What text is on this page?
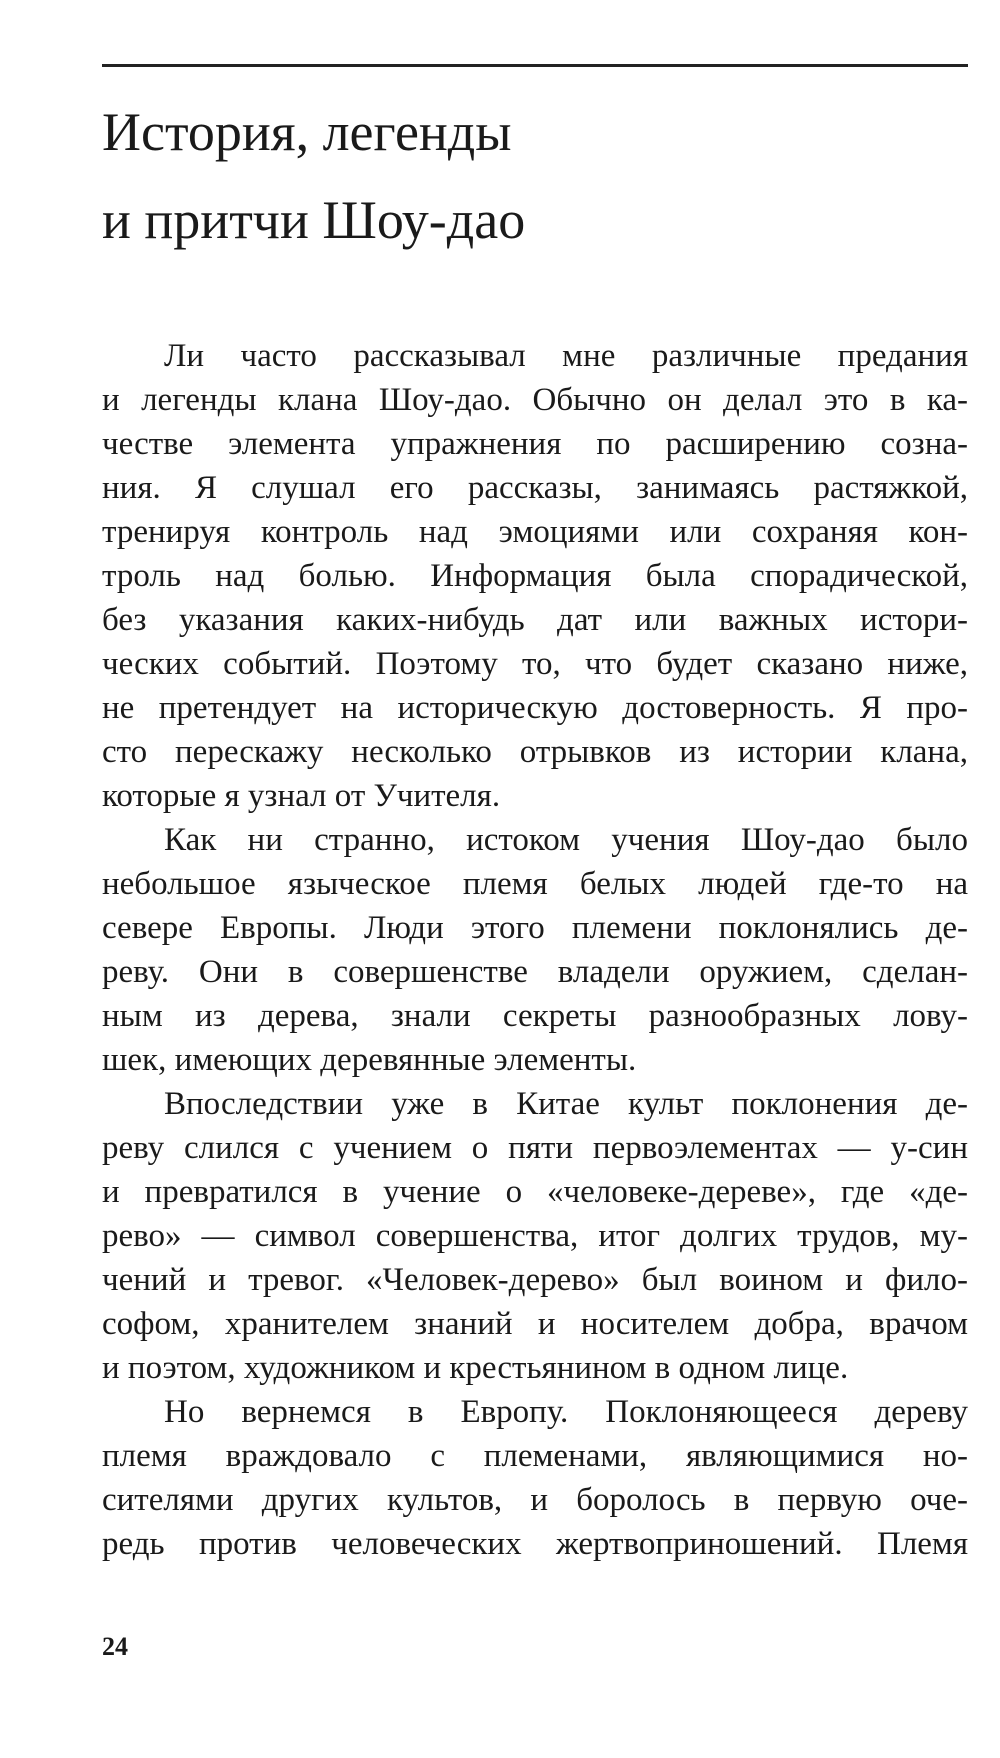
История, легенды
и притчи Шоу-дао

Ли часто рассказывал мне различные предания
и легенды клана Шоу-дао. Обычно он делал это в ка-
честве элемента упражнения по расширению созна-
ния. Я слушал его рассказы, занимаясь растяжкой,
тренируя контроль над эмоциями или сохраняя кон-
троль над болью. Информация была спорадической,
без указания каких-нибудь дат или важных истори-
ческих событий. Поэтому то, что будет сказано ниже,
не претендует на историческую достоверность. Я про-
сто перескажу несколько отрывков из истории клана,
которые я узнал от Учителя.

Как ни странно, истоком учения Шоу-дао было
небольшое языческое племя белых людей где-то на
севере Европы. Люди этого племени поклонялись де-
реву. Они в совершенстве владели оружием, сделан-
ным из дерева, знали секреты разнообразных лову-
шек, имеющих деревянные элементы.

Впоследствии уже в Китае культ поклонения де-
реву слился с учением о пяти первоэлементах — у-син
и превратился в учение о «человеке-дереве», где «де-
рево» — символ совершенства, итог долгих трудов, му-
чений и тревог. «Человек-дерево» был воином и фило-
софом, хранителем знаний и носителем добра, врачом
и поэтом, художником и крестьянином в одном лице.

Но вернемся в Европу. Поклоняющееся дереву
племя враждовало с племенами, являющимися но-
сителями других культов, и боролось в первую оче-
редь против человеческих жертвоприношений. Племя

24
